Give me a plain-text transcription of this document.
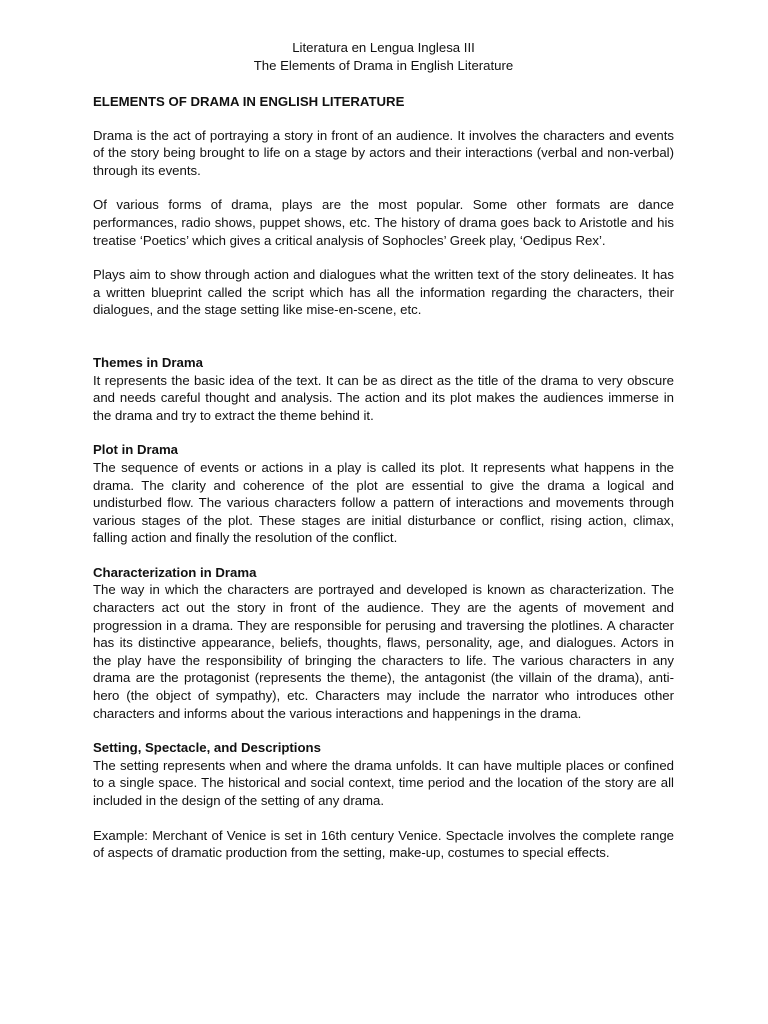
Literatura en Lengua Inglesa III
The Elements of Drama in English Literature
ELEMENTS OF DRAMA IN ENGLISH LITERATURE

Drama is the act of portraying a story in front of an audience. It involves the characters and events of the story being brought to life on a stage by actors and their interactions (verbal and non-verbal) through its events.

Of various forms of drama, plays are the most popular. Some other formats are dance performances, radio shows, puppet shows, etc. The history of drama goes back to Aristotle and his treatise ‘Poetics’ which gives a critical analysis of Sophocles’ Greek play, ‘Oedipus Rex’.

Plays aim to show through action and dialogues what the written text of the story delineates. It has a written blueprint called the script which has all the information regarding the characters, their dialogues, and the stage setting like mise-en-scene, etc.

Themes in Drama

It represents the basic idea of the text. It can be as direct as the title of the drama to very obscure and needs careful thought and analysis. The action and its plot makes the audiences immerse in the drama and try to extract the theme behind it.

Plot in Drama

The sequence of events or actions in a play is called its plot. It represents what happens in the drama. The clarity and coherence of the plot are essential to give the drama a logical and undisturbed flow. The various characters follow a pattern of interactions and movements through various stages of the plot. These stages are initial disturbance or conflict, rising action, climax, falling action and finally the resolution of the conflict.

Characterization in Drama

The way in which the characters are portrayed and developed is known as characterization. The characters act out the story in front of the audience. They are the agents of movement and progression in a drama. They are responsible for perusing and traversing the plotlines. A character has its distinctive appearance, beliefs, thoughts, flaws, personality, age, and dialogues. Actors in the play have the responsibility of bringing the characters to life. The various characters in any drama are the protagonist (represents the theme), the antagonist (the villain of the drama), anti-hero (the object of sympathy), etc. Characters may include the narrator who introduces other characters and informs about the various interactions and happenings in the drama.

Setting, Spectacle, and Descriptions

The setting represents when and where the drama unfolds. It can have multiple places or confined to a single space. The historical and social context, time period and the location of the story are all included in the design of the setting of any drama.

Example: Merchant of Venice is set in 16th century Venice. Spectacle involves the complete range of aspects of dramatic production from the setting, make-up, costumes to special effects.
